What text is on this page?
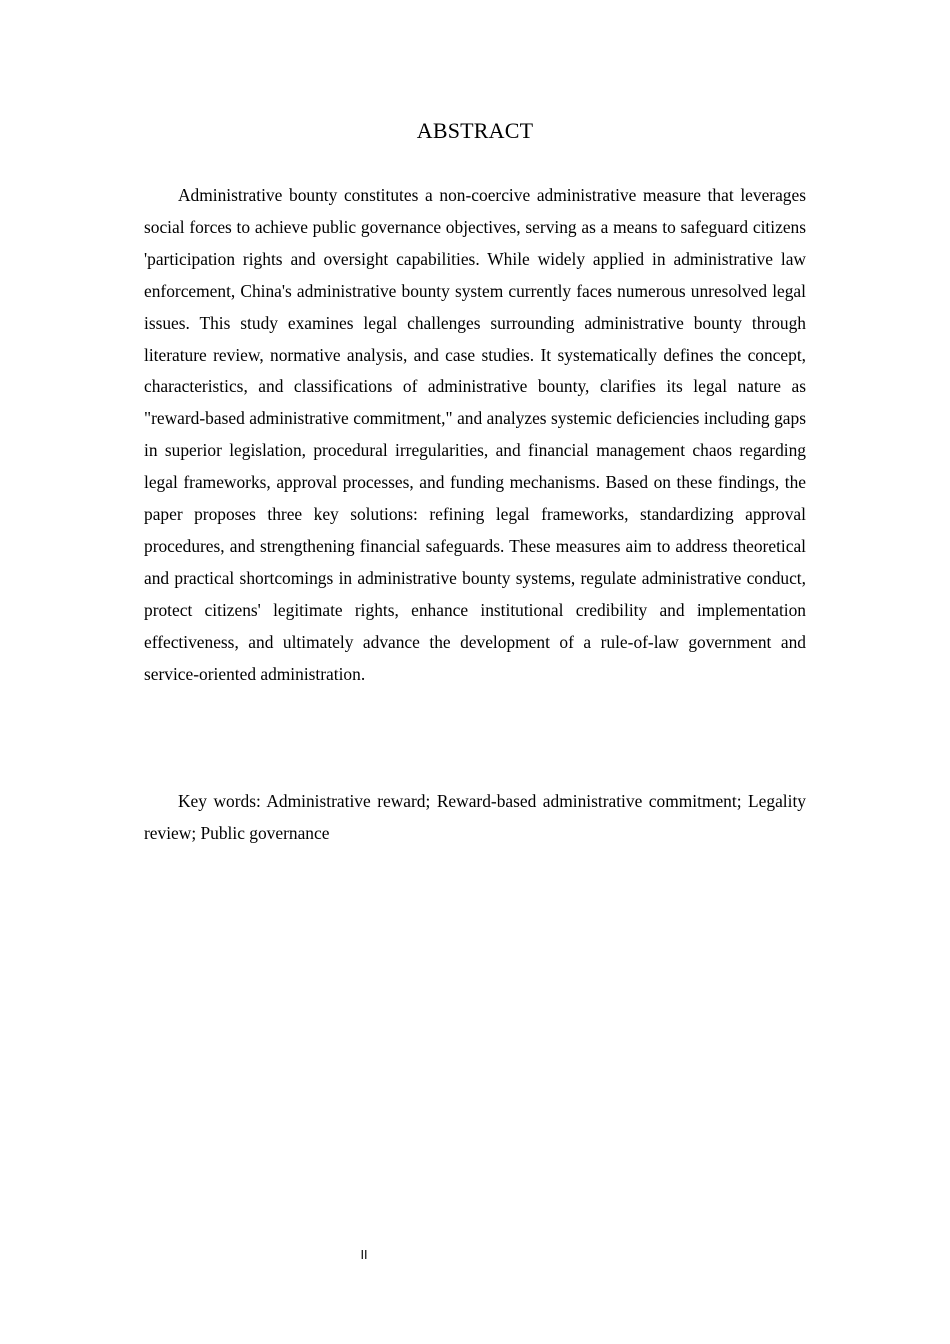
ABSTRACT

Administrative bounty constitutes a non-coercive administrative measure that leverages social forces to achieve public governance objectives, serving as a means to safeguard citizens 'participation rights and oversight capabilities. While widely applied in administrative law enforcement, China's administrative bounty system currently faces numerous unresolved legal issues. This study examines legal challenges surrounding administrative bounty through literature review, normative analysis, and case studies. It systematically defines the concept, characteristics, and classifications of administrative bounty, clarifies its legal nature as "reward-based administrative commitment," and analyzes systemic deficiencies including gaps in superior legislation, procedural irregularities, and financial management chaos regarding legal frameworks, approval processes, and funding mechanisms. Based on these findings, the paper proposes three key solutions: refining legal frameworks, standardizing approval procedures, and strengthening financial safeguards. These measures aim to address theoretical and practical shortcomings in administrative bounty systems, regulate administrative conduct, protect citizens' legitimate rights, enhance institutional credibility and implementation effectiveness, and ultimately advance the development of a rule-of-law government and service-oriented administration.

Key words: Administrative reward; Reward-based administrative commitment; Legality review; Public governance

II
